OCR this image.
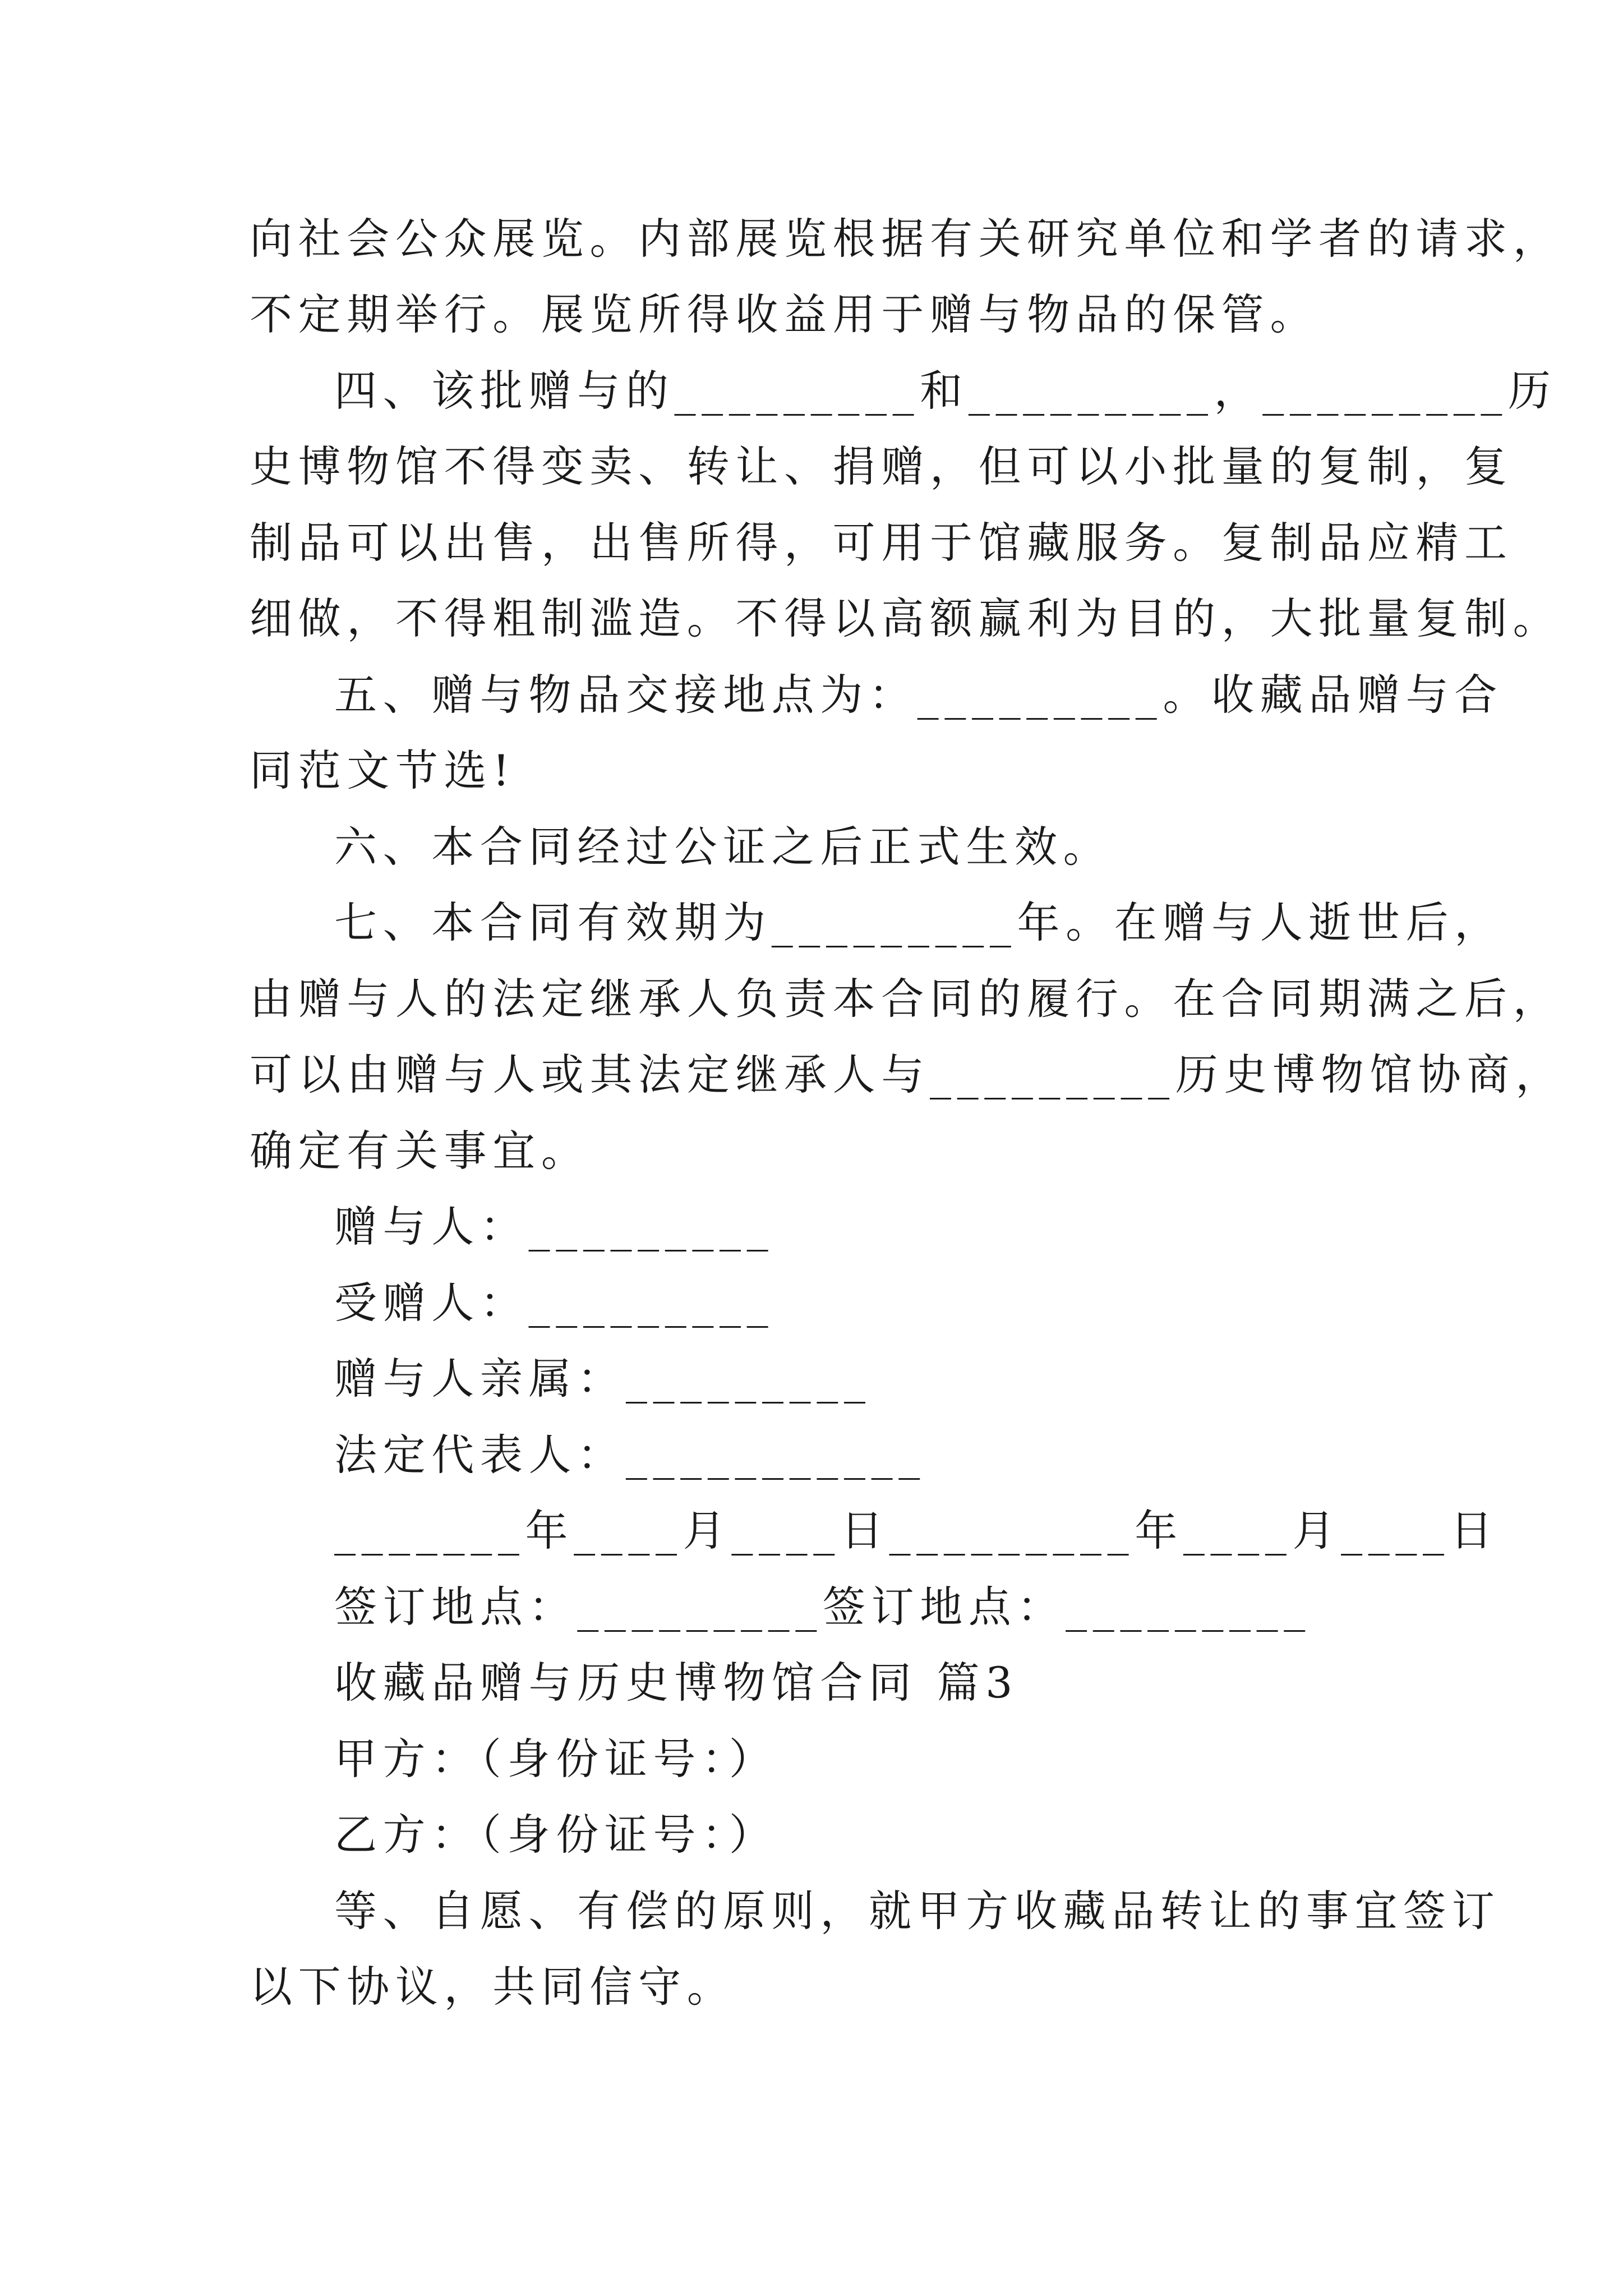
向社会公众展览。内部展览根据有关研究单位和学者的请求，
不定期举行。展览所得收益用于赠与物品的保管。
四、该批赠与的_________和_________，_________历
史博物馆不得变卖、转让、捐赠，但可以小批量的复制，复
制品可以出售，出售所得，可用于馆藏服务。复制品应精工
细做，不得粗制滥造。不得以高额赢利为目的，大批量复制。
五、赠与物品交接地点为：_________。收藏品赠与合
同范文节选!
六、本合同经过公证之后正式生效。
七、本合同有效期为_________年。在赠与人逝世后，
由赠与人的法定继承人负责本合同的履行。在合同期满之后，
可以由赠与人或其法定继承人与_________历史博物馆协商，
确定有关事宜。
赠与人：_________
受赠人：_________
赠与人亲属：_________
法定代表人：___________
_______年____月____日_________年____月____日
签订地点：_________签订地点：_________
收藏品赠与历史博物馆合同 篇3
甲方：（身份证号：）
乙方：（身份证号：）
等、自愿、有偿的原则，就甲方收藏品转让的事宜签订
以下协议，共同信守。
